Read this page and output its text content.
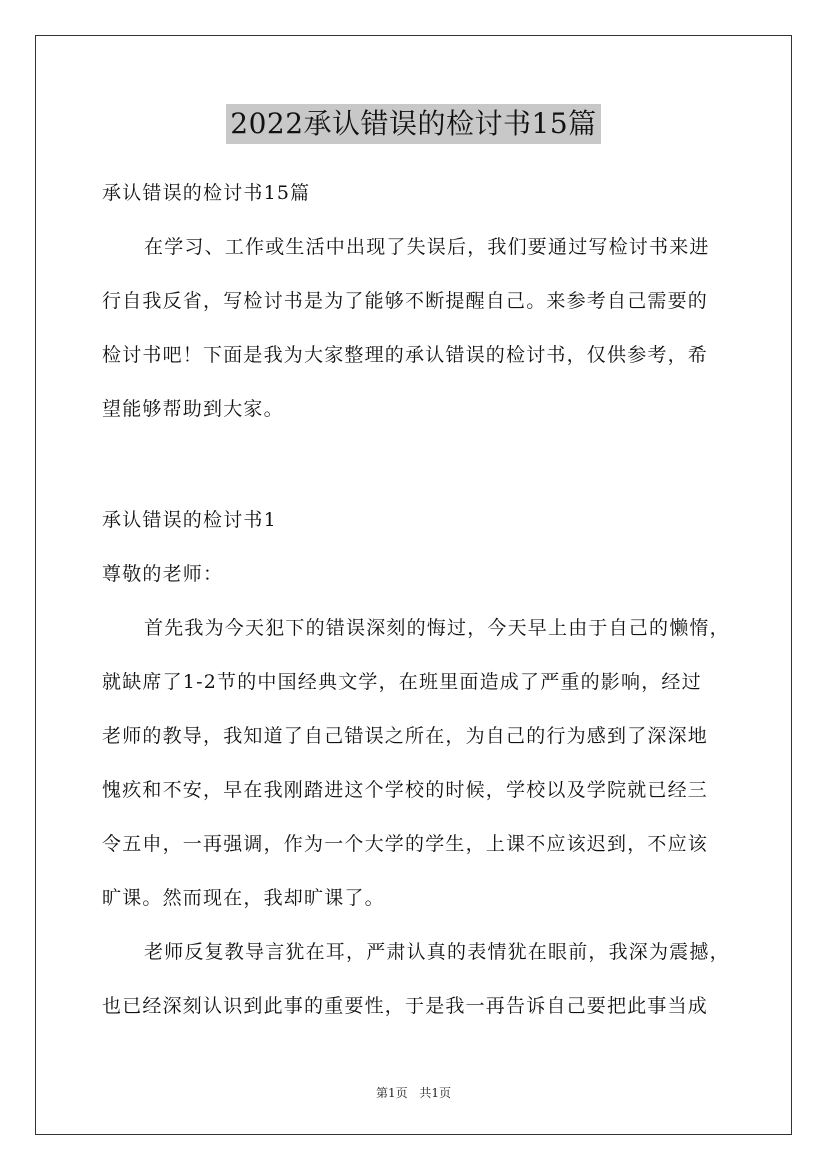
2022承认错误的检讨书15篇
承认错误的检讨书15篇
在学习、工作或生活中出现了失误后，我们要通过写检讨书来进
行自我反省，写检讨书是为了能够不断提醒自己。来参考自己需要的
检讨书吧！下面是我为大家整理的承认错误的检讨书，仅供参考，希
望能够帮助到大家。
承认错误的检讨书1
尊敬的老师：
首先我为今天犯下的错误深刻的悔过，今天早上由于自己的懒惰，
就缺席了1-2节的中国经典文学，在班里面造成了严重的影响，经过
老师的教导，我知道了自己错误之所在，为自己的行为感到了深深地
愧疚和不安，早在我刚踏进这个学校的时候，学校以及学院就已经三
令五申，一再强调，作为一个大学的学生，上课不应该迟到，不应该
旷课。然而现在，我却旷课了。
老师反复教导言犹在耳，严肃认真的表情犹在眼前，我深为震撼，
也已经深刻认识到此事的重要性，于是我一再告诉自己要把此事当成
第1页 共1页
